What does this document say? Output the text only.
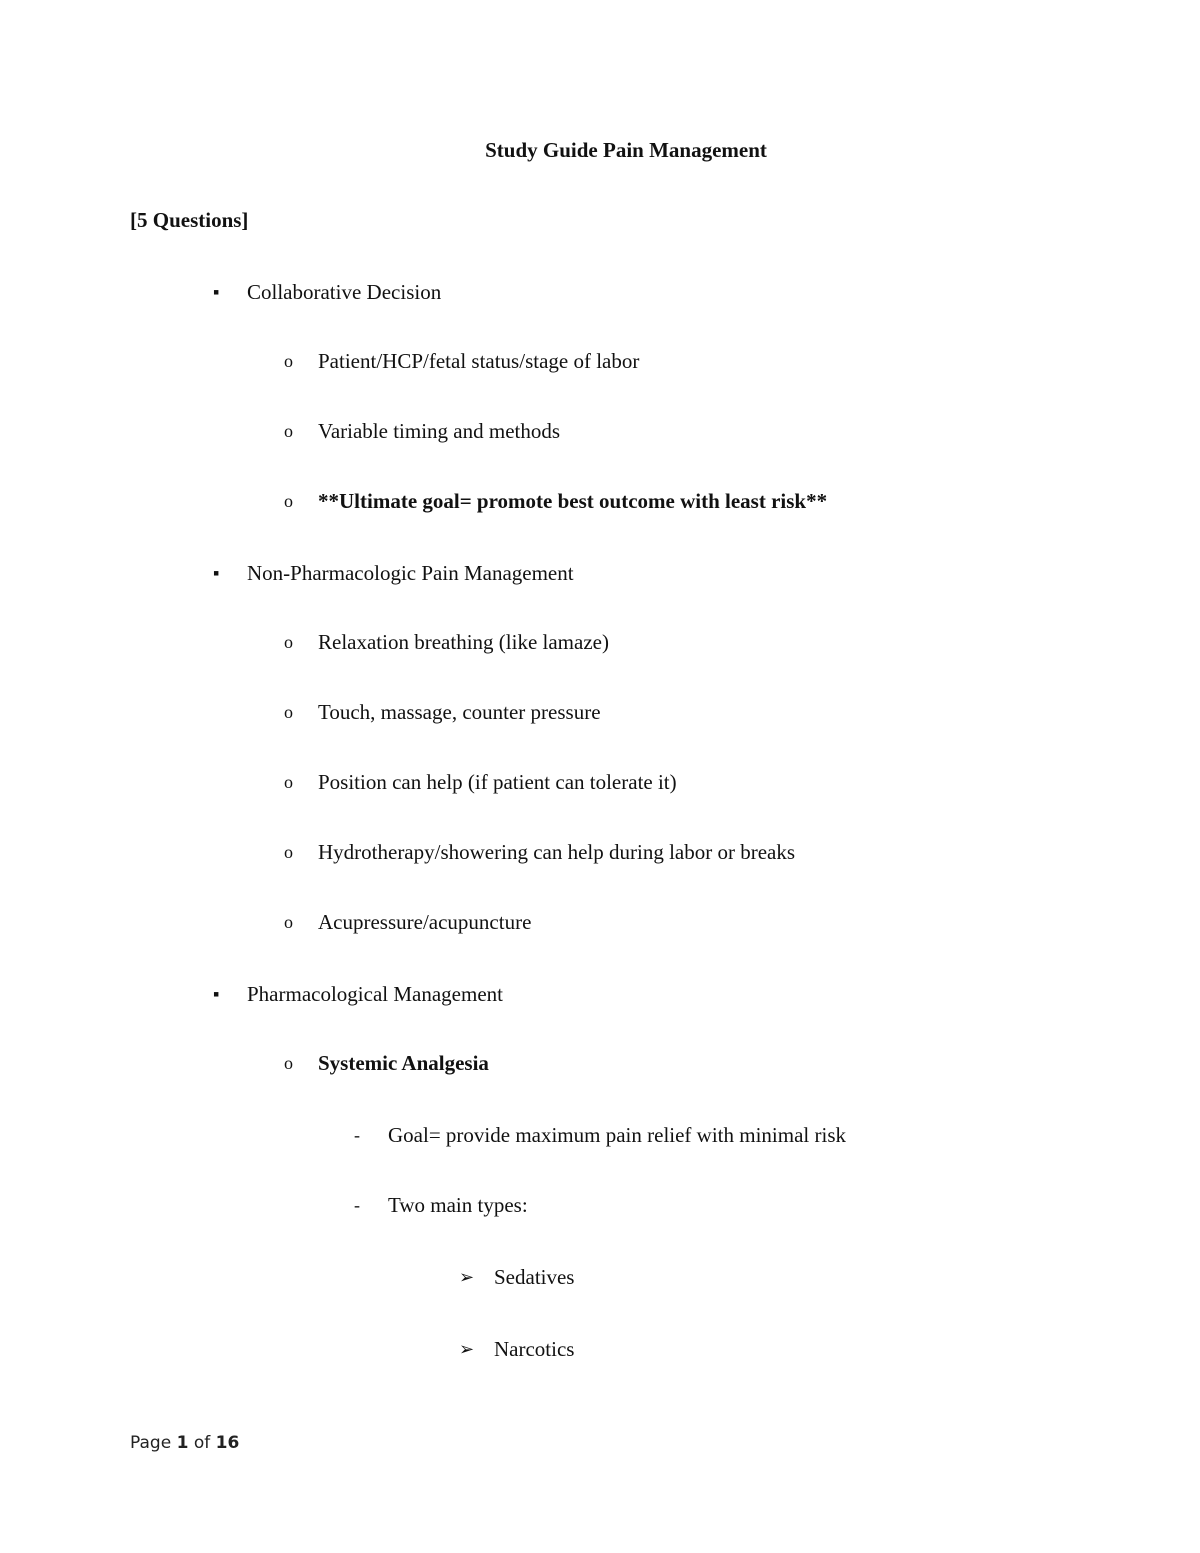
Study Guide Pain Management
[5 Questions]
▪ Collaborative Decision
o Patient/HCP/fetal status/stage of labor
o Variable timing and methods
o **Ultimate goal= promote best outcome with least risk**
▪ Non-Pharmacologic Pain Management
o Relaxation breathing (like lamaze)
o Touch, massage, counter pressure
o Position can help (if patient can tolerate it)
o Hydrotherapy/showering can help during labor or breaks
o Acupressure/acupuncture
▪ Pharmacological Management
o Systemic Analgesia
- Goal= provide maximum pain relief with minimal risk
- Two main types:
➢ Sedatives
➢ Narcotics
Page 1 of 16
